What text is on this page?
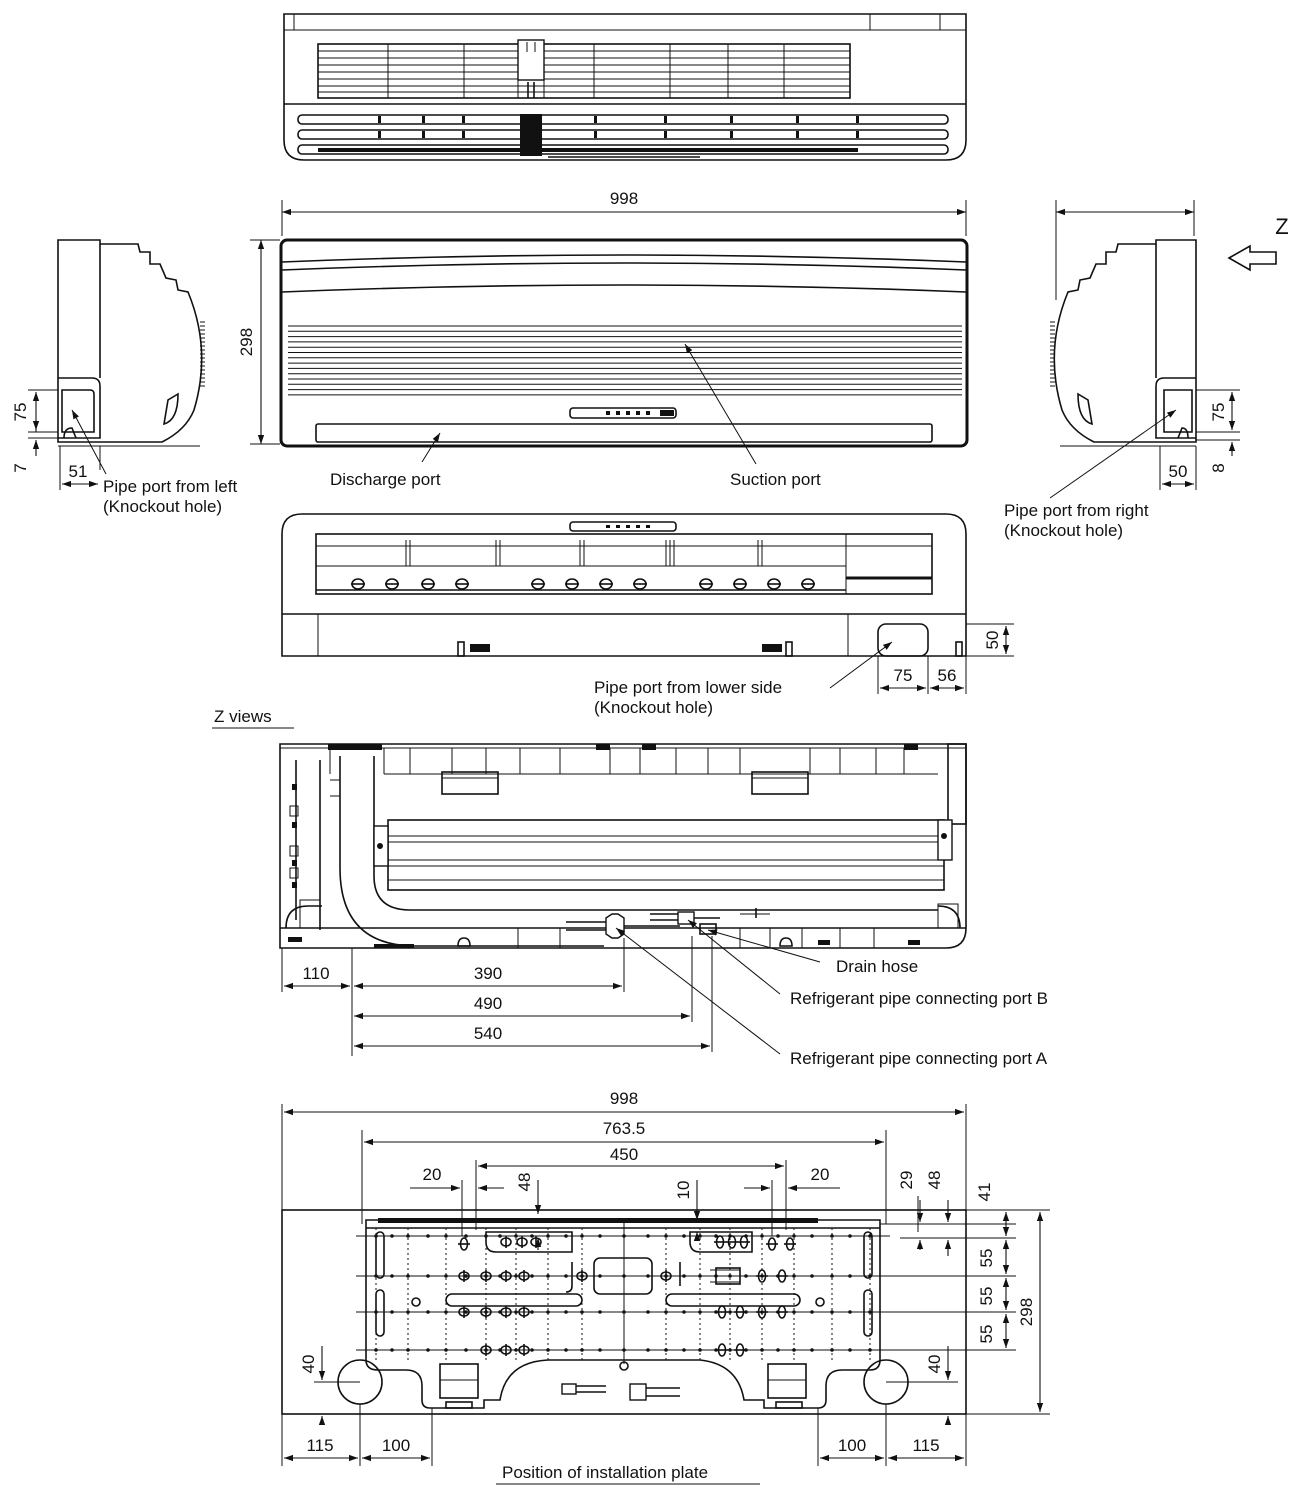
998
298
Discharge port	Suction port
75
7 51
Pipe port from left
(Knockout hole)
75
8
50
Z
Pipe port from right
(Knockout hole)
50
75 56
Pipe port from lower side
(Knockout hole)
Z views
110	390
490
540
Drain hose
Refrigerant pipe connecting port B
Refrigerant pipe connecting port A
998
763.5
450
20	20
48	10
29 48
41
55
55
55
298
40
40
115	100	100	115
Position of installation plate
